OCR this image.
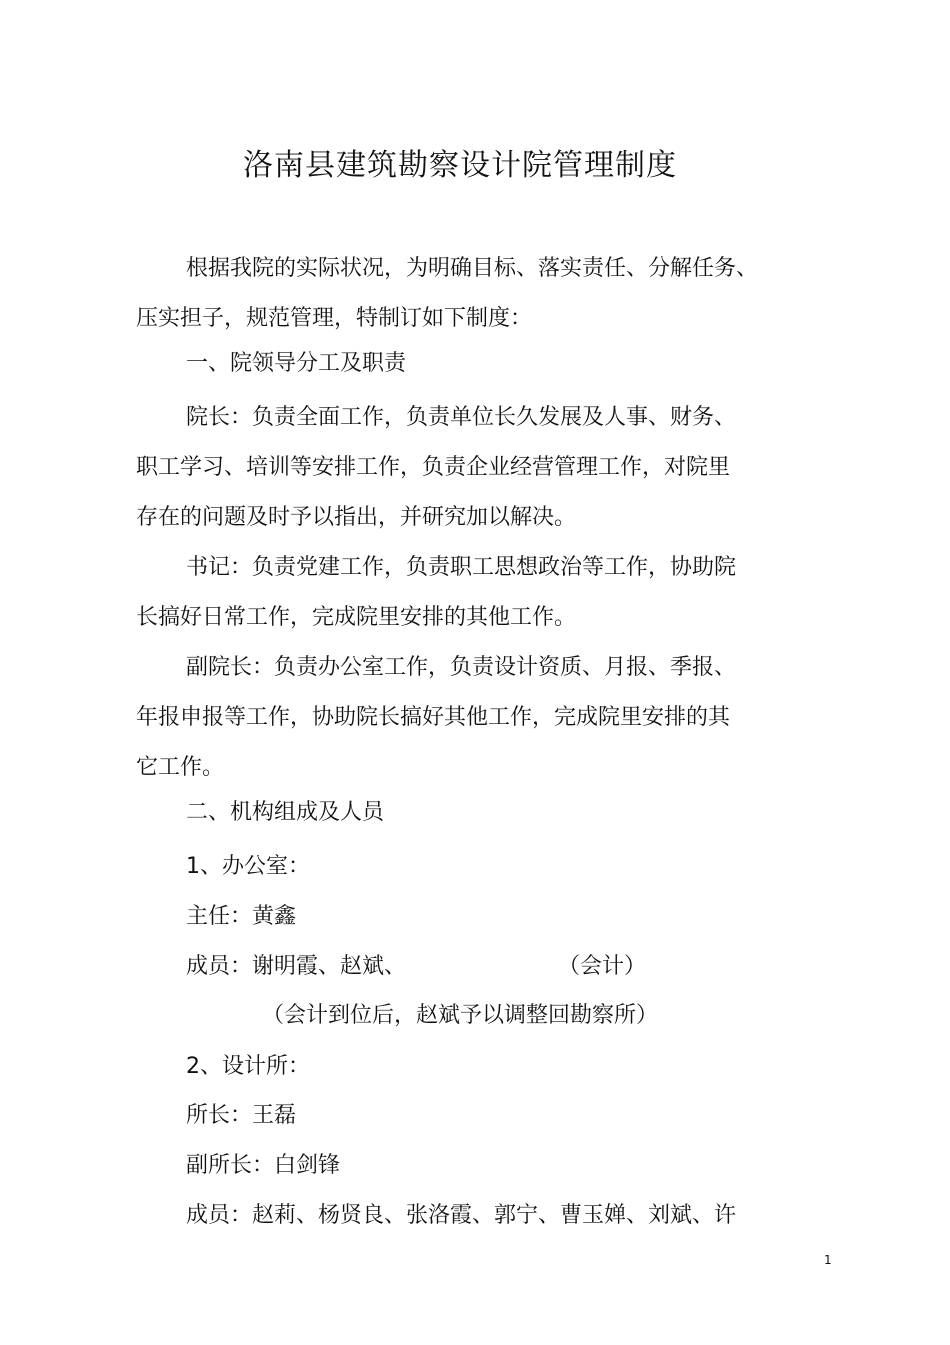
洛南县建筑勘察设计院管理制度
根据我院的实际状况，为明确目标、落实责任、分解任务、
压实担子，规范管理，特制订如下制度：
一、院领导分工及职责
院长：负责全面工作，负责单位长久发展及人事、财务、
职工学习、培训等安排工作，负责企业经营管理工作，对院里
存在的问题及时予以指出，并研究加以解决。
书记：负责党建工作，负责职工思想政治等工作，协助院
长搞好日常工作，完成院里安排的其他工作。
副院长：负责办公室工作，负责设计资质、月报、季报、
年报申报等工作，协助院长搞好其他工作，完成院里安排的其
它工作。
二、机构组成及人员
1、办公室：
主任：黄鑫
成员：谢明霞、赵斌、	（会计）
（会计到位后，赵斌予以调整回勘察所）
2、设计所：
所长：王磊
副所长：白剑锋
成员：赵莉、杨贤良、张洛霞、郭宁、曹玉婵、刘斌、许
1
